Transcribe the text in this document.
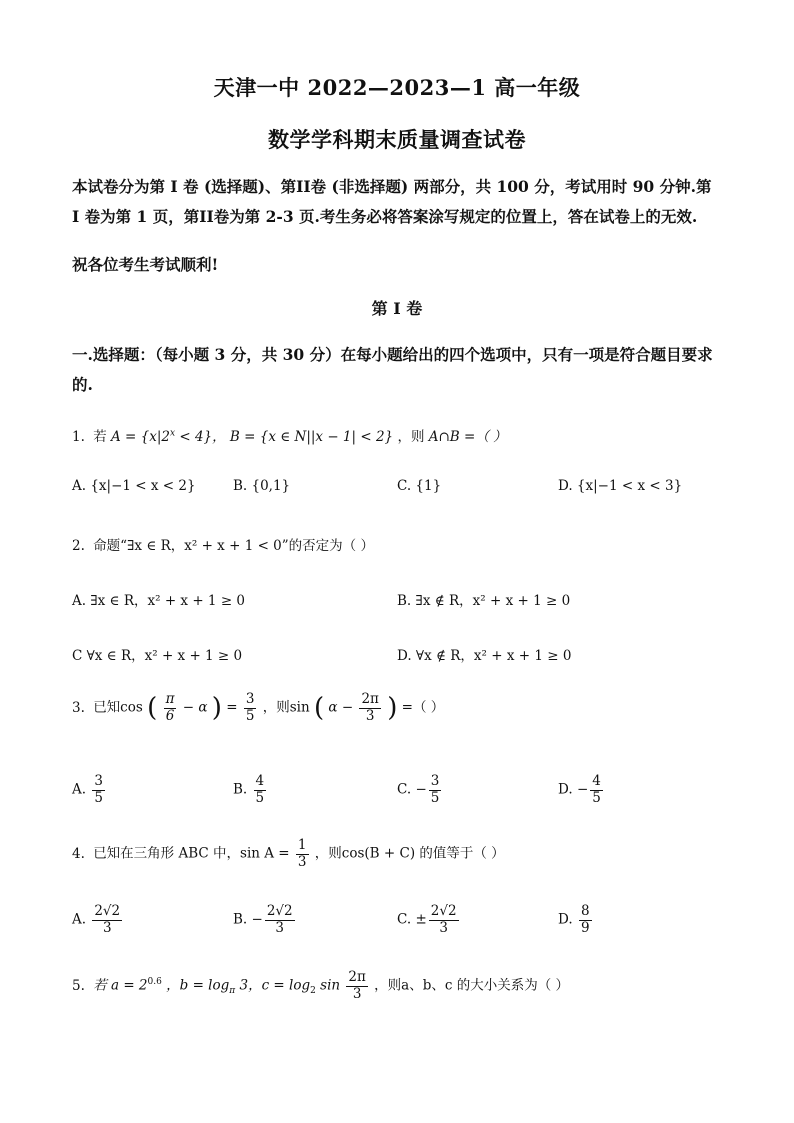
天津一中 2022—2023—1 高一年级
数学学科期末质量调查试卷
本试卷分为第 I 卷 (选择题)、第II卷 (非选择题) 两部分，共 100 分，考试用时 90 分钟.第 I 卷为第 1 页，第II卷为第 2-3 页.考生务必将答案涂写规定的位置上，答在试卷上的无效.
祝各位考生考试顺利!
第 I 卷
一.选择题：（每小题 3 分，共 30 分）在每小题给出的四个选项中，只有一项是符合题目要求的.
1. 若 $A = \{x|2^x < 4\}$， B = {x ∈ N||x − 1| < 2} ，则 A∩B =（ ）
A. {x|−1 < x < 2}	B. {0,1}	C. {1}	D. {x|−1 < x < 3}
2. 命题“∃x ∈ R，x² + x + 1 < 0”的否定为（ ）
A. ∃x ∈ R，x² + x + 1 ≥ 0	B. ∃x ∉ R，x² + x + 1 ≥ 0
C ∀x ∈ R，x² + x + 1 ≥ 0	D. ∀x ∉ R，x² + x + 1 ≥ 0
3. 已知cos ( $\frac{\pi}{6} - \alpha$ ) = $\frac{3}{5}$ ，则sin ( $\alpha - \frac{2\pi}{3}$ ) =（ ）
A. $\frac{3}{5}$	B. $\frac{4}{5}$	C. − $\frac{3}{5}$	D. − $\frac{4}{5}$
4. 已知在三角形 ABC 中，$\sin A = \frac{1}{3}$ ，则cos(B + C) 的值等于（ ）
A. $\frac{2√2}{3}$	B. − $\frac{2√2}{3}$	C. ± $\frac{2√2}{3}$	D. $\frac{8}{9}$
5. 若 $a = 2^{0.6}$ ，$b = \log_\pi 3$，$c = \log_2 \sin \frac{2\pi}{3}$ ，则a、b、c 的大小关系为（ ）
